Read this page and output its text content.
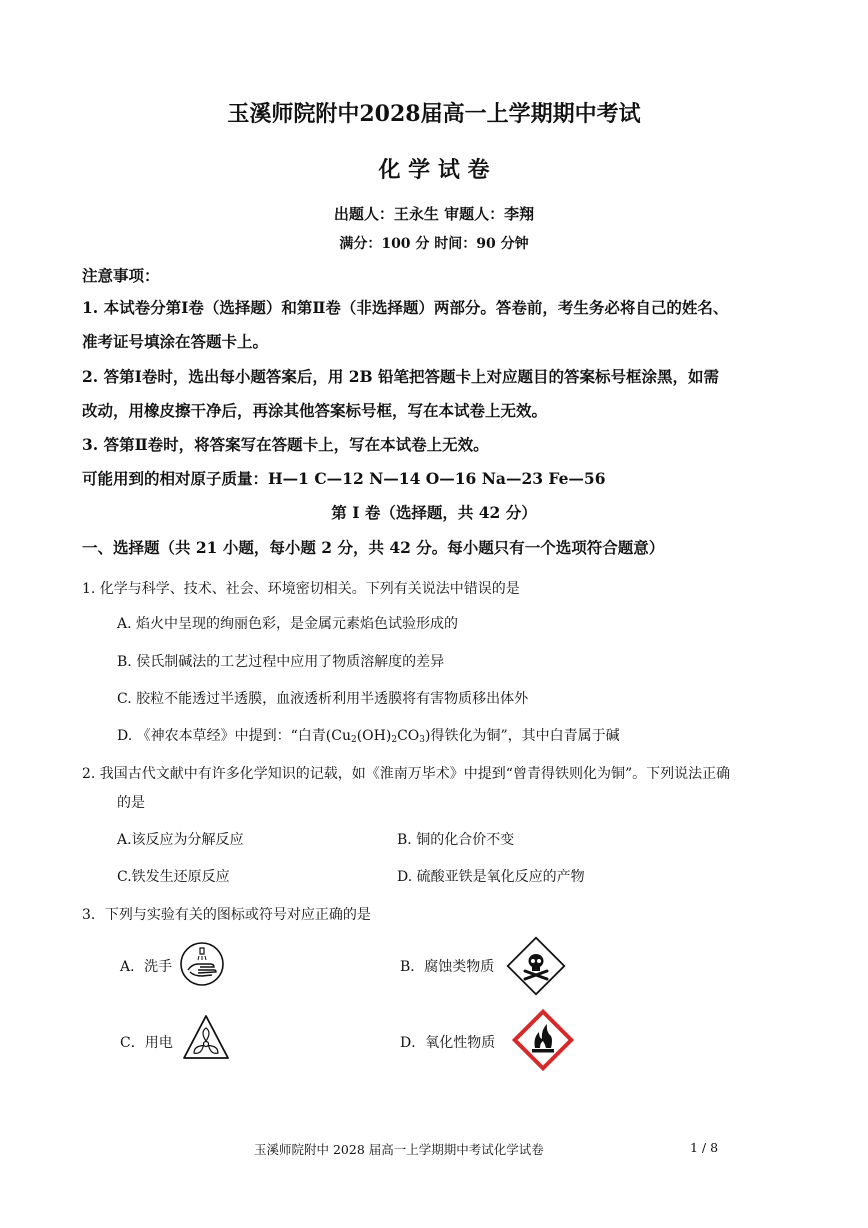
玉溪师院附中2028届高一上学期期中考试
化 学 试 卷
出题人：王永生 审题人：李翔
满分：100 分 时间：90 分钟
注意事项：
1. 本试卷分第Ⅰ卷（选择题）和第Ⅱ卷（非选择题）两部分。答卷前，考生务必将自己的姓名、
准考证号填涂在答题卡上。
2. 答第Ⅰ卷时，选出每小题答案后，用 2B 铅笔把答题卡上对应题目的答案标号框涂黑，如需
改动，用橡皮擦干净后，再涂其他答案标号框，写在本试卷上无效。
3. 答第Ⅱ卷时，将答案写在答题卡上，写在本试卷上无效。
可能用到的相对原子质量：H—1 C—12 N—14 O—16 Na—23 Fe—56
第 I 卷（选择题，共 42 分）
一、选择题（共 21 小题，每小题 2 分，共 42 分。每小题只有一个选项符合题意）
1. 化学与科学、技术、社会、环境密切相关。下列有关说法中错误的是
A. 焰火中呈现的绚丽色彩，是金属元素焰色试验形成的
B. 侯氏制碱法的工艺过程中应用了物质溶解度的差异
C. 胶粒不能透过半透膜，血液透析利用半透膜将有害物质移出体外
D. 《神农本草经》中提到：“白青$(Cu_2(OH)_2CO_3)$得铁化为铜”，其中白青属于碱
2. 我国古代文献中有许多化学知识的记载，如《淮南万毕术》中提到“曾青得铁则化为铜”。下列说法正确
的是
A.该反应为分解反应	B. 铜的化合价不变
C.铁发生还原反应	D. 硫酸亚铁是氧化反应的产物
3．下列与实验有关的图标或符号对应正确的是
A．洗手	B．腐蚀类物质
C．用电	D．氧化性物质
玉溪师院附中 2028 届高一上学期期中考试化学试卷	1 / 8
